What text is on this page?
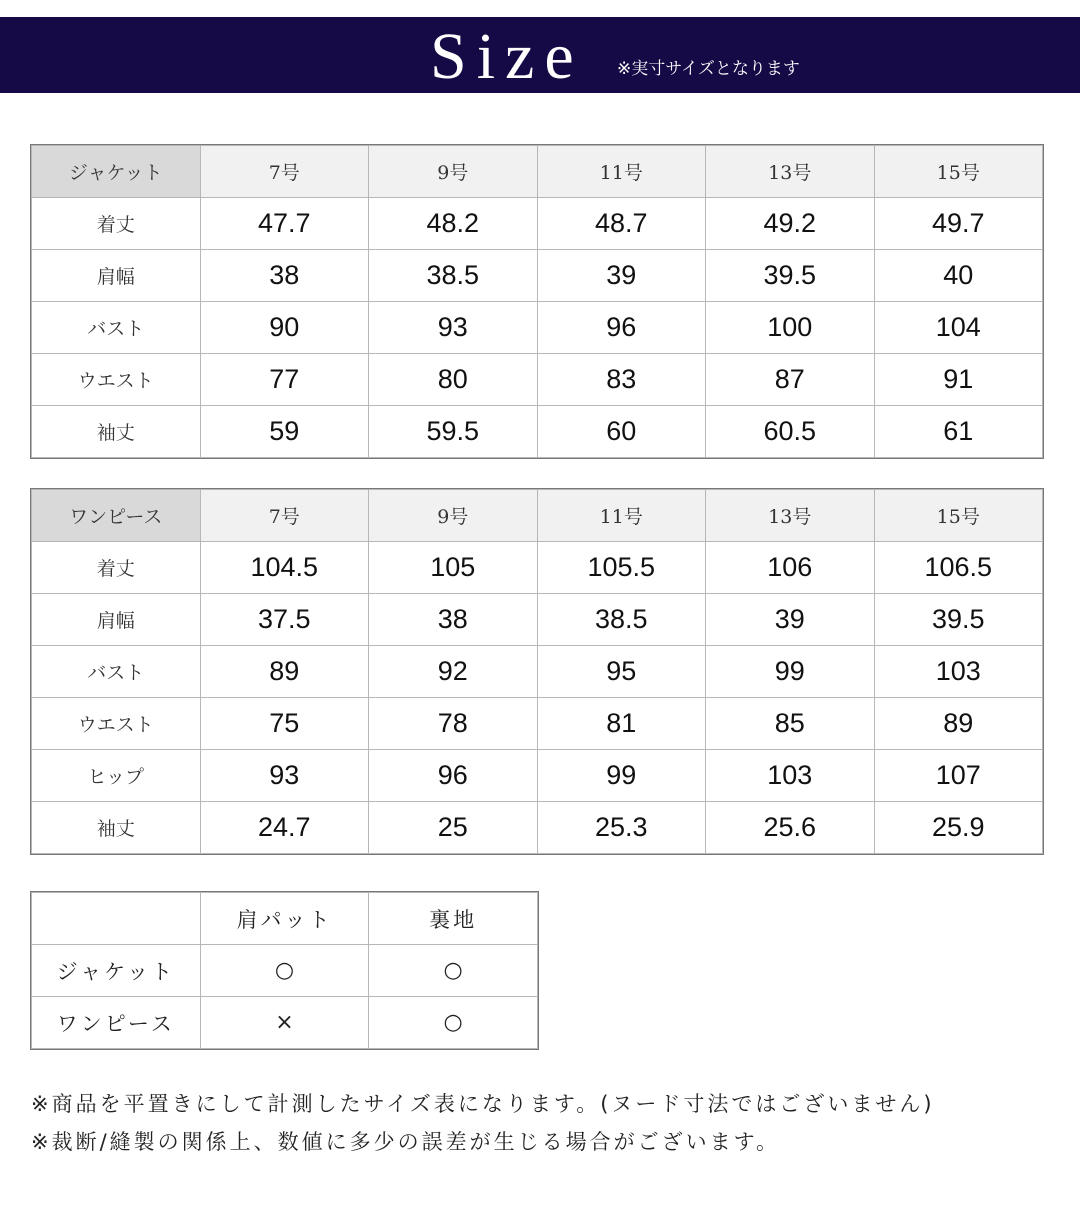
Size ※実寸サイズとなります
ジャケット	7号	9号	11号	13号	15号
着丈	47.7	48.2	48.7	49.2	49.7
肩幅	38	38.5	39	39.5	40
バスト	90	93	96	100	104
ウエスト	77	80	83	87	91
袖丈	59	59.5	60	60.5	61
ワンピース	7号	9号	11号	13号	15号
着丈	104.5	105	105.5	106	106.5
肩幅	37.5	38	38.5	39	39.5
バスト	89	92	95	99	103
ウエスト	75	78	81	85	89
ヒップ	93	96	99	103	107
袖丈	24.7	25	25.3	25.6	25.9
	肩パット	裏地
ジャケット	○	○
ワンピース	×	○
※商品を平置きにして計測したサイズ表になります。(ヌード寸法ではございません)
※裁断/縫製の関係上、数値に多少の誤差が生じる場合がございます。
